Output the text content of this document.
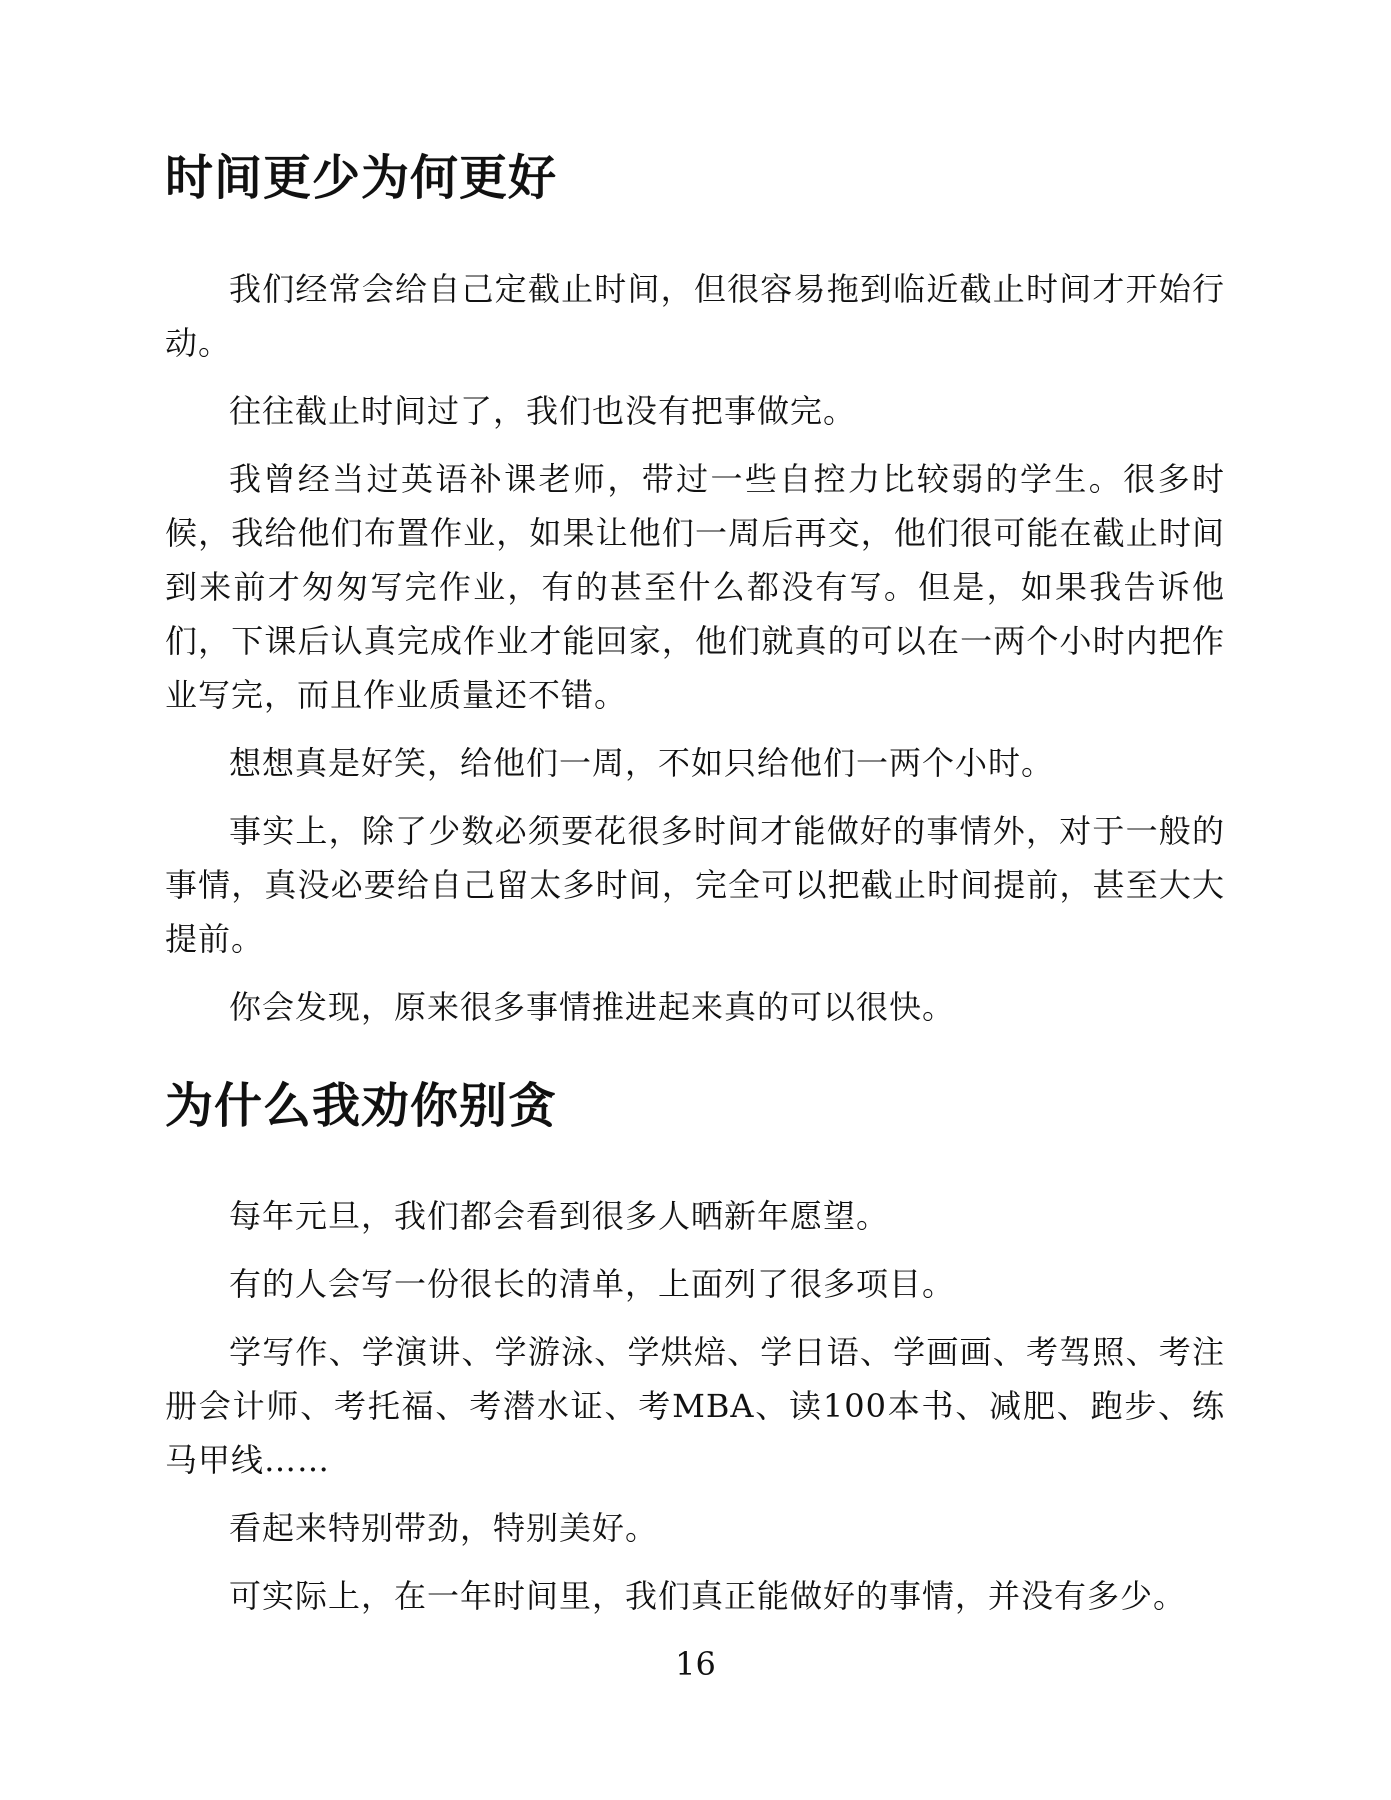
时间更少为何更好

我们经常会给自己定截止时间，但很容易拖到临近截止时间才开始行动。

往往截止时间过了，我们也没有把事做完。

我曾经当过英语补课老师，带过一些自控力比较弱的学生。很多时候，我给他们布置作业，如果让他们一周后再交，他们很可能在截止时间到来前才匆匆写完作业，有的甚至什么都没有写。但是，如果我告诉他们，下课后认真完成作业才能回家，他们就真的可以在一两个小时内把作业写完，而且作业质量还不错。

想想真是好笑，给他们一周，不如只给他们一两个小时。

事实上，除了少数必须要花很多时间才能做好的事情外，对于一般的事情，真没必要给自己留太多时间，完全可以把截止时间提前，甚至大大提前。

你会发现，原来很多事情推进起来真的可以很快。

为什么我劝你别贪

每年元旦，我们都会看到很多人晒新年愿望。

有的人会写一份很长的清单，上面列了很多项目。

学写作、学演讲、学游泳、学烘焙、学日语、学画画、考驾照、考注册会计师、考托福、考潜水证、考MBA、读100本书、减肥、跑步、练马甲线……

看起来特别带劲，特别美好。

可实际上，在一年时间里，我们真正能做好的事情，并没有多少。

16
